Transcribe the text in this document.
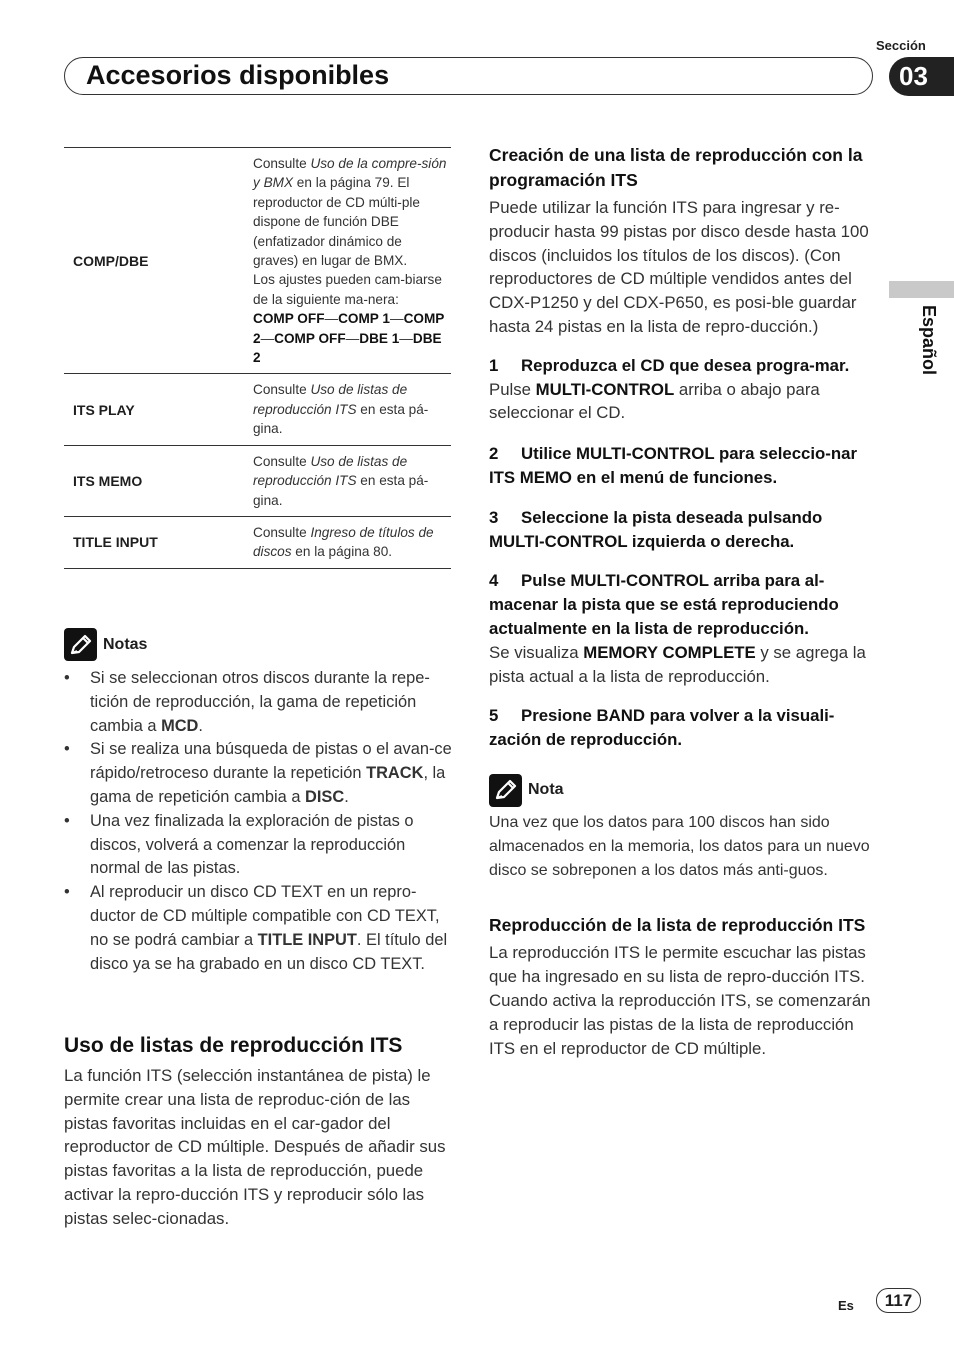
Sección
Accesorios disponibles	03
Español
COMP/DBE
Consulte Uso de la compre-sión y BMX en la página 79. El reproductor de CD múlti-ple dispone de función DBE (enfatizador dinámico de graves) en lugar de BMX.
Los ajustes pueden cam-biarse de la siguiente ma-nera:
COMP OFF—COMP 1—COMP 2—COMP OFF—DBE 1—DBE 2
ITS PLAY
Consulte Uso de listas de reproducción ITS en esta pá-gina.
ITS MEMO
Consulte Uso de listas de reproducción ITS en esta pá-gina.
TITLE INPUT
Consulte Ingreso de títulos de discos en la página 80.
Notas
• Si se seleccionan otros discos durante la repe-tición de reproducción, la gama de repetición cambia a MCD.
• Si se realiza una búsqueda de pistas o el avan-ce rápido/retroceso durante la repetición TRACK, la gama de repetición cambia a DISC.
• Una vez finalizada la exploración de pistas o discos, volverá a comenzar la reproducción normal de las pistas.
• Al reproducir un disco CD TEXT en un repro-ductor de CD múltiple compatible con CD TEXT, no se podrá cambiar a TITLE INPUT. El título del disco ya se ha grabado en un disco CD TEXT.
Uso de listas de reproducción ITS
La función ITS (selección instantánea de pista) le permite crear una lista de reproduc-ción de las pistas favoritas incluidas en el car-gador del reproductor de CD múltiple. Después de añadir sus pistas favoritas a la lista de reproducción, puede activar la repro-ducción ITS y reproducir sólo las pistas selec-cionadas.
Creación de una lista de reproducción con la programación ITS
Puede utilizar la función ITS para ingresar y re-producir hasta 99 pistas por disco desde hasta 100 discos (incluidos los títulos de los discos). (Con reproductores de CD múltiple vendidos antes del CDX-P1250 y del CDX-P650, es posi-ble guardar hasta 24 pistas en la lista de repro-ducción.)
1 Reproduzca el CD que desea progra-mar.
Pulse MULTI-CONTROL arriba o abajo para seleccionar el CD.
2 Utilice MULTI-CONTROL para seleccio-nar ITS MEMO en el menú de funciones.
3 Seleccione la pista deseada pulsando MULTI-CONTROL izquierda o derecha.
4 Pulse MULTI-CONTROL arriba para al-macenar la pista que se está reproduciendo actualmente en la lista de reproducción.
Se visualiza MEMORY COMPLETE y se agrega la pista actual a la lista de reproducción.
5 Presione BAND para volver a la visuali-zación de reproducción.
Nota
Una vez que los datos para 100 discos han sido almacenados en la memoria, los datos para un nuevo disco se sobreponen a los datos más anti-guos.
Reproducción de la lista de reproducción ITS
La reproducción ITS le permite escuchar las pistas que ha ingresado en su lista de repro-ducción ITS. Cuando activa la reproducción ITS, se comenzarán a reproducir las pistas de la lista de reproducción ITS en el reproductor de CD múltiple.
Es	117
